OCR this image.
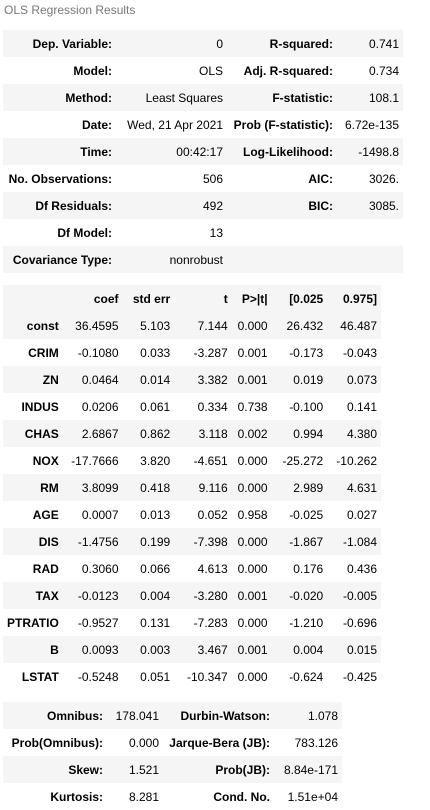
OLS Regression Results
Dep. Variable:	0	R-squared:	0.741
Model:	OLS	Adj. R-squared:	0.734
Method:	Least Squares	F-statistic:	108.1
Date:	Wed, 21 Apr 2021	Prob (F-statistic):	6.72e-135
Time:	00:42:17	Log-Likelihood:	-1498.8
No. Observations:	506	AIC:	3026.
Df Residuals:	492	BIC:	3085.
Df Model:	13		
Covariance Type:	nonrobust		
	coef	std err	t	P>|t|	[0.025	0.975]
const	36.4595	5.103	7.144	0.000	26.432	46.487
CRIM	-0.1080	0.033	-3.287	0.001	-0.173	-0.043
ZN	0.0464	0.014	3.382	0.001	0.019	0.073
INDUS	0.0206	0.061	0.334	0.738	-0.100	0.141
CHAS	2.6867	0.862	3.118	0.002	0.994	4.380
NOX	-17.7666	3.820	-4.651	0.000	-25.272	-10.262
RM	3.8099	0.418	9.116	0.000	2.989	4.631
AGE	0.0007	0.013	0.052	0.958	-0.025	0.027
DIS	-1.4756	0.199	-7.398	0.000	-1.867	-1.084
RAD	0.3060	0.066	4.613	0.000	0.176	0.436
TAX	-0.0123	0.004	-3.280	0.001	-0.020	-0.005
PTRATIO	-0.9527	0.131	-7.283	0.000	-1.210	-0.696
B	0.0093	0.003	3.467	0.001	0.004	0.015
LSTAT	-0.5248	0.051	-10.347	0.000	-0.624	-0.425
Omnibus:	178.041	Durbin-Watson:	1.078
Prob(Omnibus):	0.000	Jarque-Bera (JB):	783.126
Skew:	1.521	Prob(JB):	8.84e-171
Kurtosis:	8.281	Cond. No.	1.51e+04
